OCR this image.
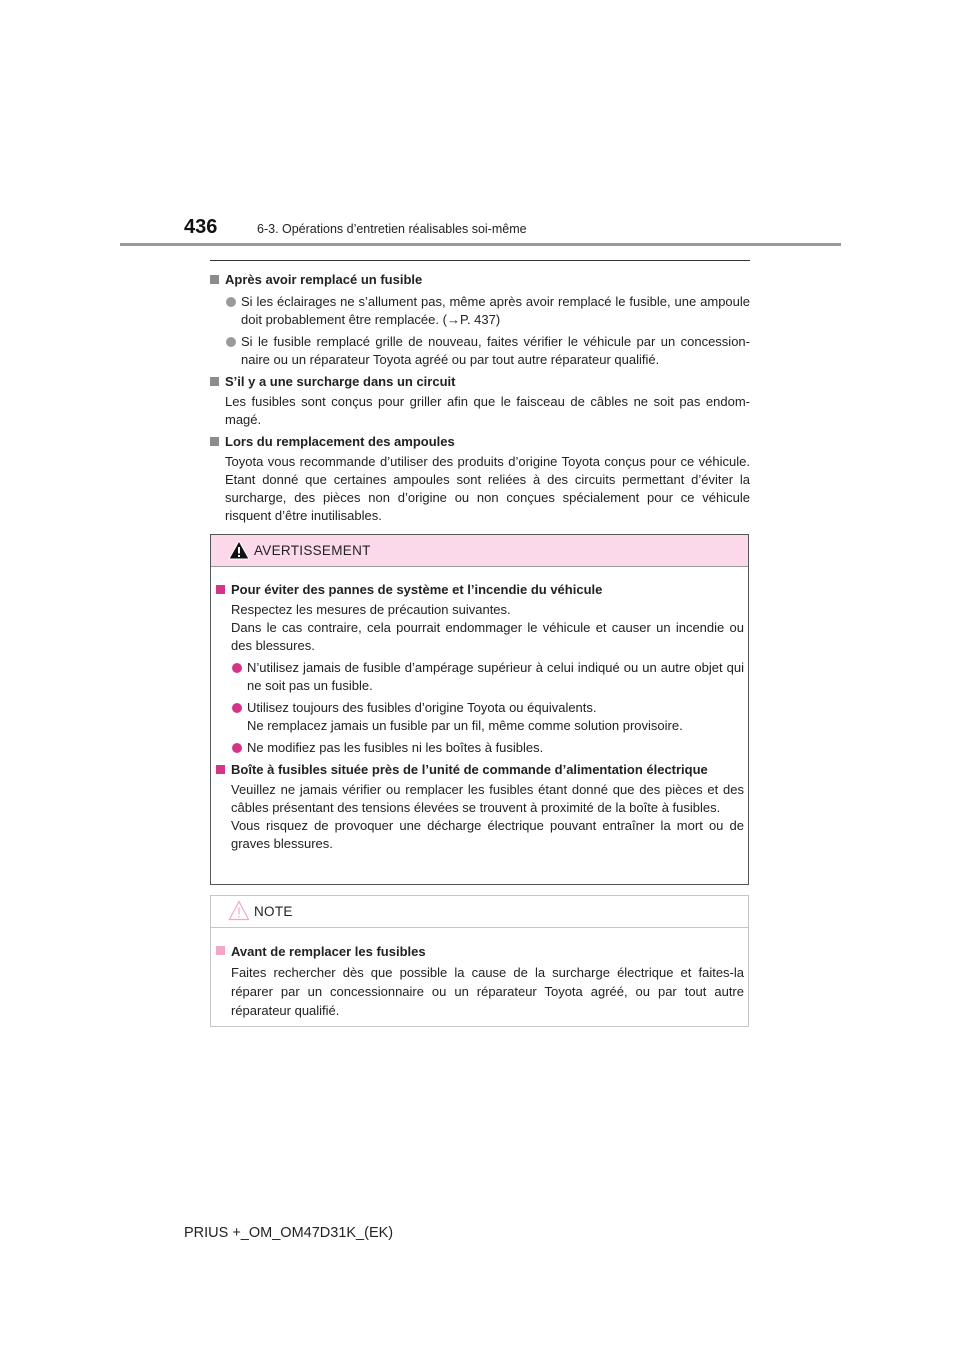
436	6-3. Opérations d’entretien réalisables soi-même
Après avoir remplacé un fusible
Si les éclairages ne s’allument pas, même après avoir remplacé le fusible, une ampoule doit probablement être remplacée. (→P. 437)
Si le fusible remplacé grille de nouveau, faites vérifier le véhicule par un concessionnaire ou un réparateur Toyota agréé ou par tout autre réparateur qualifié.
S’il y a une surcharge dans un circuit
Les fusibles sont conçus pour griller afin que le faisceau de câbles ne soit pas endommagé.
Lors du remplacement des ampoules
Toyota vous recommande d’utiliser des produits d’origine Toyota conçus pour ce véhicule. Etant donné que certaines ampoules sont reliées à des circuits permettant d’éviter la surcharge, des pièces non d’origine ou non conçues spécialement pour ce véhicule risquent d’être inutilisables.
AVERTISSEMENT
Pour éviter des pannes de système et l’incendie du véhicule
Respectez les mesures de précaution suivantes.
Dans le cas contraire, cela pourrait endommager le véhicule et causer un incendie ou des blessures.
N’utilisez jamais de fusible d’ampérage supérieur à celui indiqué ou un autre objet qui ne soit pas un fusible.
Utilisez toujours des fusibles d’origine Toyota ou équivalents.
Ne remplacez jamais un fusible par un fil, même comme solution provisoire.
Ne modifiez pas les fusibles ni les boîtes à fusibles.
Boîte à fusibles située près de l’unité de commande d’alimentation électrique
Veuillez ne jamais vérifier ou remplacer les fusibles étant donné que des pièces et des câbles présentant des tensions élevées se trouvent à proximité de la boîte à fusibles.
Vous risquez de provoquer une décharge électrique pouvant entraîner la mort ou de graves blessures.
NOTE
Avant de remplacer les fusibles
Faites rechercher dès que possible la cause de la surcharge électrique et faites-la réparer par un concessionnaire ou un réparateur Toyota agréé, ou par tout autre réparateur qualifié.
PRIUS +_OM_OM47D31K_(EK)
